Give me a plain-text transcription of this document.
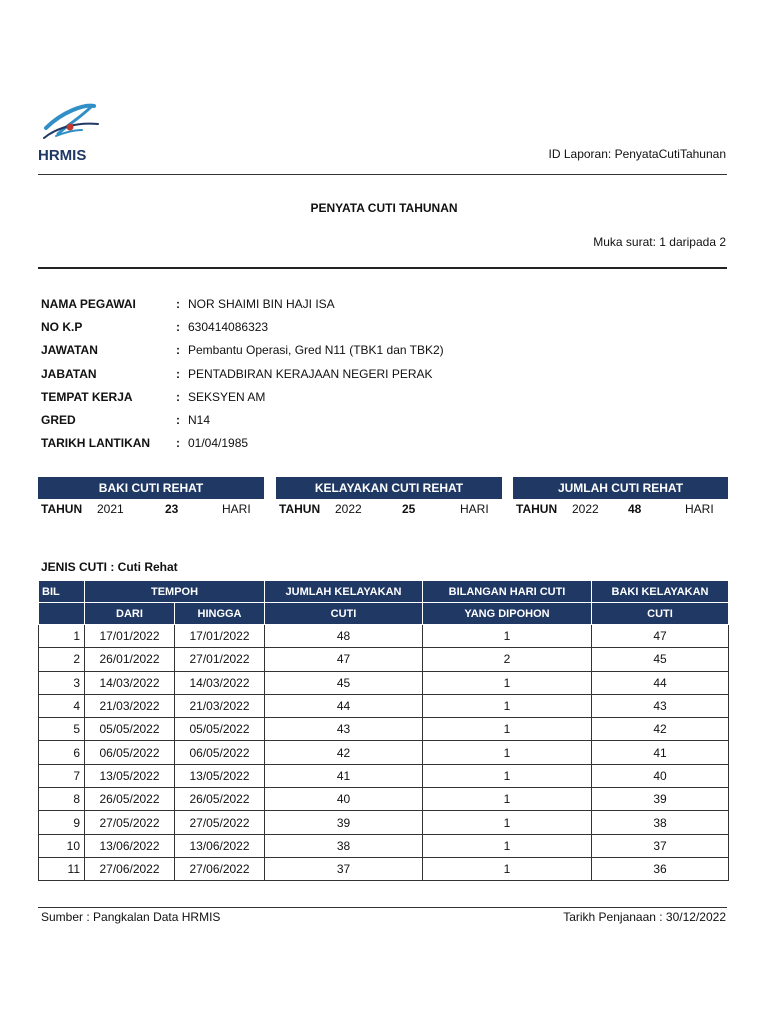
HRMIS	ID Laporan: PenyataCutiTahunan
PENYATA CUTI TAHUNAN
Muka surat: 1 daripada 2
NAMA PEGAWAI	: NOR SHAIMI BIN HAJI ISA
NO K.P	: 630414086323
JAWATAN	: Pembantu Operasi, Gred N11 (TBK1 dan TBK2)
JABATAN	: PENTADBIRAN KERAJAAN NEGERI PERAK
TEMPAT KERJA	: SEKSYEN AM
GRED	: N14
TARIKH LANTIKAN	: 01/04/1985
BAKI CUTI REHAT
TAHUN 2021	23	HARI
KELAYAKAN CUTI REHAT
TAHUN 2022	25	HARI
JUMLAH CUTI REHAT
TAHUN 2022 48	HARI
JENIS CUTI : Cuti Rehat
BIL	TEMPOH		JUMLAH KELAYAKAN	BILANGAN HARI CUTI	BAKI KELAYAKAN
	DARI	HINGGA	CUTI	YANG DIPOHON	CUTI
1	17/01/2022	17/01/2022	48	1	47
2	26/01/2022	27/01/2022	47	2	45
3	14/03/2022	14/03/2022	45	1	44
4	21/03/2022	21/03/2022	44	1	43
5	05/05/2022	05/05/2022	43	1	42
6	06/05/2022	06/05/2022	42	1	41
7	13/05/2022	13/05/2022	41	1	40
8	26/05/2022	26/05/2022	40	1	39
9	27/05/2022	27/05/2022	39	1	38
10	13/06/2022	13/06/2022	38	1	37
11	27/06/2022	27/06/2022	37	1	36
Sumber : Pangkalan Data HRMIS	Tarikh Penjanaan : 30/12/2022
